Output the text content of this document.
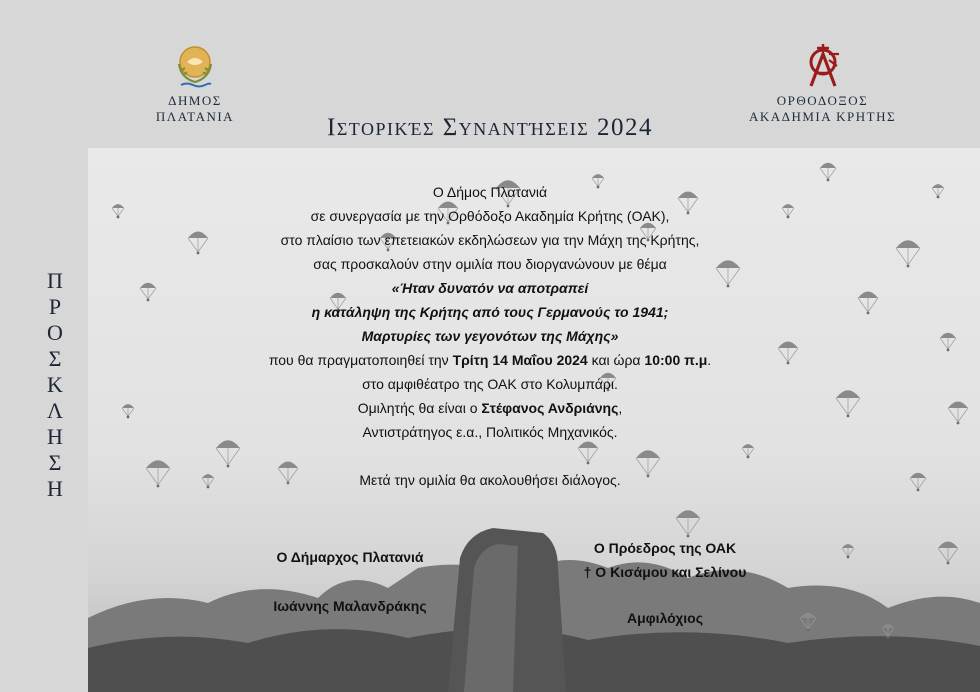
ΔΗΜΟΣ
ΠΛΑΤΑΝΙΑ
ΟΡΘΟΔΟΞΟΣ
ΑΚΑΔΗΜΙΑ ΚΡΗΤΗΣ
Ιστορικές Συναντήσεις 2024
Π
Ρ
Ο
Σ
Κ
Λ
Η
Σ
Η
Ο Δήμος Πλατανιά
σε συνεργασία με την Ορθόδοξο Ακαδημία Κρήτης (ΟΑΚ),
στο πλαίσιο των επετειακών εκδηλώσεων για την Μάχη της Κρήτης,
σας προσκαλούν στην ομιλία που διοργανώνουν με θέμα
«Ήταν δυνατόν να αποτραπεί
η κατάληψη της Κρήτης από τους Γερμανούς το 1941;
Μαρτυρίες των γεγονότων της Μάχης»
που θα πραγματοποιηθεί την Τρίτη 14 Μαΐου 2024 και ώρα 10:00 π.μ.
στο αμφιθέατρο της ΟΑΚ στο Κολυμπάρι.
Ομιλητής θα είναι ο Στέφανος Ανδριάνης,
Αντιστράτηγος ε.α., Πολιτικός Μηχανικός.
Μετά την ομιλία θα ακολουθήσει διάλογος.
Ο Δήμαρχος Πλατανιά
Ιωάννης Μαλανδράκης
Ο Πρόεδρος της ΟΑΚ
† Ο Κισάμου και Σελίνου
Αμφιλόχιος
